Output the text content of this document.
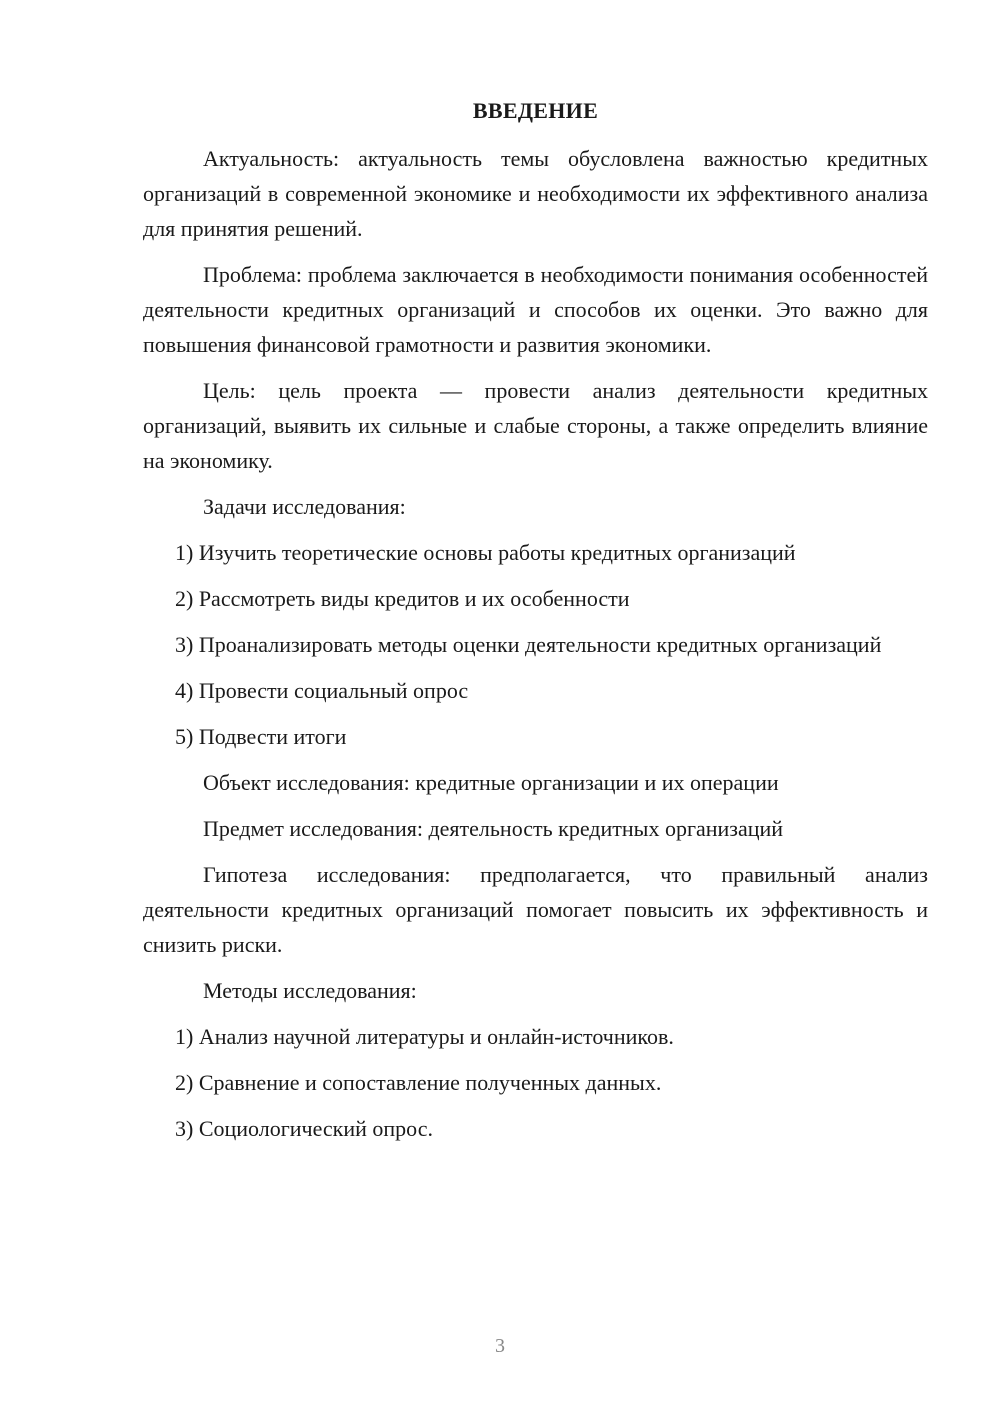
ВВЕДЕНИЕ

Актуальность: актуальность темы обусловлена важностью кредитных организаций в современной экономике и необходимости их эффективного анализа для принятия решений.

Проблема: проблема заключается в необходимости понимания особенностей деятельности кредитных организаций и способов их оценки. Это важно для повышения финансовой грамотности и развития экономики.

Цель: цель проекта — провести анализ деятельности кредитных организаций, выявить их сильные и слабые стороны, а также определить влияние на экономику.

Задачи исследования:

1) Изучить теоретические основы работы кредитных организаций

2) Рассмотреть виды кредитов и их особенности

3) Проанализировать методы оценки деятельности кредитных организаций

4) Провести социальный опрос

5) Подвести итоги

Объект исследования: кредитные организации и их операции

Предмет исследования: деятельность кредитных организаций

Гипотеза исследования: предполагается, что правильный анализ деятельности кредитных организаций помогает повысить их эффективность и снизить риски.

Методы исследования:

1) Анализ научной литературы и онлайн-источников.

2) Сравнение и сопоставление полученных данных.

3) Социологический опрос.

3
